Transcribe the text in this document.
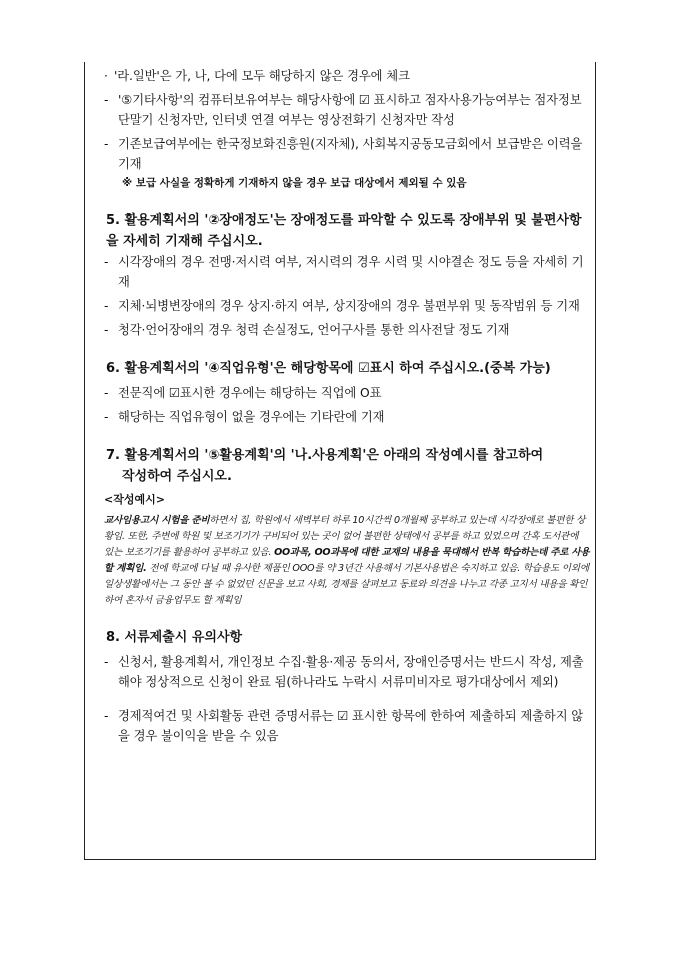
· '라.일반'은 가, 나, 다에 모두 해당하지 않은 경우에 체크
- '⑤기타사항'의 컴퓨터보유여부는 해당사항에 ☑ 표시하고 점자사용가능여부는 점자정보단말기 신청자만, 인터넷 연결 여부는 영상전화기 신청자만 작성
- 기존보급여부에는 한국정보화진흥원(지자체), 사회복지공동모금회에서 보급받은 이력을 기재
※ 보급 사실을 정확하게 기재하지 않을 경우 보급 대상에서 제외될 수 있음
5. 활용계획서의 '②장애정도'는 장애정도를 파악할 수 있도록 장애부위 및 불편사항을 자세히 기재해 주십시오.
- 시각장애의 경우 전맹·저시력 여부, 저시력의 경우 시력 및 시야결손 정도 등을 자세히 기재
- 지체·뇌병변장애의 경우 상지·하지 여부, 상지장애의 경우 불편부위 및 동작범위 등 기재
- 청각·언어장애의 경우 청력 손실정도, 언어구사를 통한 의사전달 정도 기재
6. 활용계획서의 '④직업유형'은 해당항목에 ☑표시 하여 주십시오.(중복 가능)
- 전문직에 ☑표시한 경우에는 해당하는 직업에 O표
- 해당하는 직업유형이 없을 경우에는 기타란에 기재
7. 활용계획서의 '⑤활용계획'의 '나.사용계획'은 아래의 작성예시를 참고하여
작성하여 주십시오.
<작성예시>
교사임용고시 시험을 준비하면서 집, 학원에서 새벽부터 하루 10시간씩 0개월째 공부하고 있는데 시각장애로 불편한 상황임. 또한, 주변에 학원 및 보조기기가 구비되어 있는 곳이 없어 불편한 상태에서 공부를 하고 있었으며 간혹 도서관에 있는 보조기기를 활용하여 공부하고 있음. OO과목, OO과목에 대한 교재의 내용을 묵대해서 반복 학습하는데 주로 사용할 계획임. 전에 학교에 다닐 때 유사한 제품인 OOO를 약 3년간 사용해서 기본사용법은 숙지하고 있음. 학습용도 이외에 일상생활에서는 그 동안 볼 수 없었던 신문을 보고 사회, 경제를 살펴보고 동료와 의견을 나누고 각종 고지서 내용을 확인하여 혼자서 금융업무도 할 계획임
8. 서류제출시 유의사항
- 신청서, 활용계획서, 개인정보 수집·활용·제공 동의서, 장애인증명서는 반드시 작성, 제출해야 정상적으로 신청이 완료 됨(하나라도 누락시 서류미비자로 평가대상에서 제외)
- 경제적여건 및 사회활동 관련 증명서류는 ☑ 표시한 항목에 한하여 제출하되 제출하지 않을 경우 불이익을 받을 수 있음
